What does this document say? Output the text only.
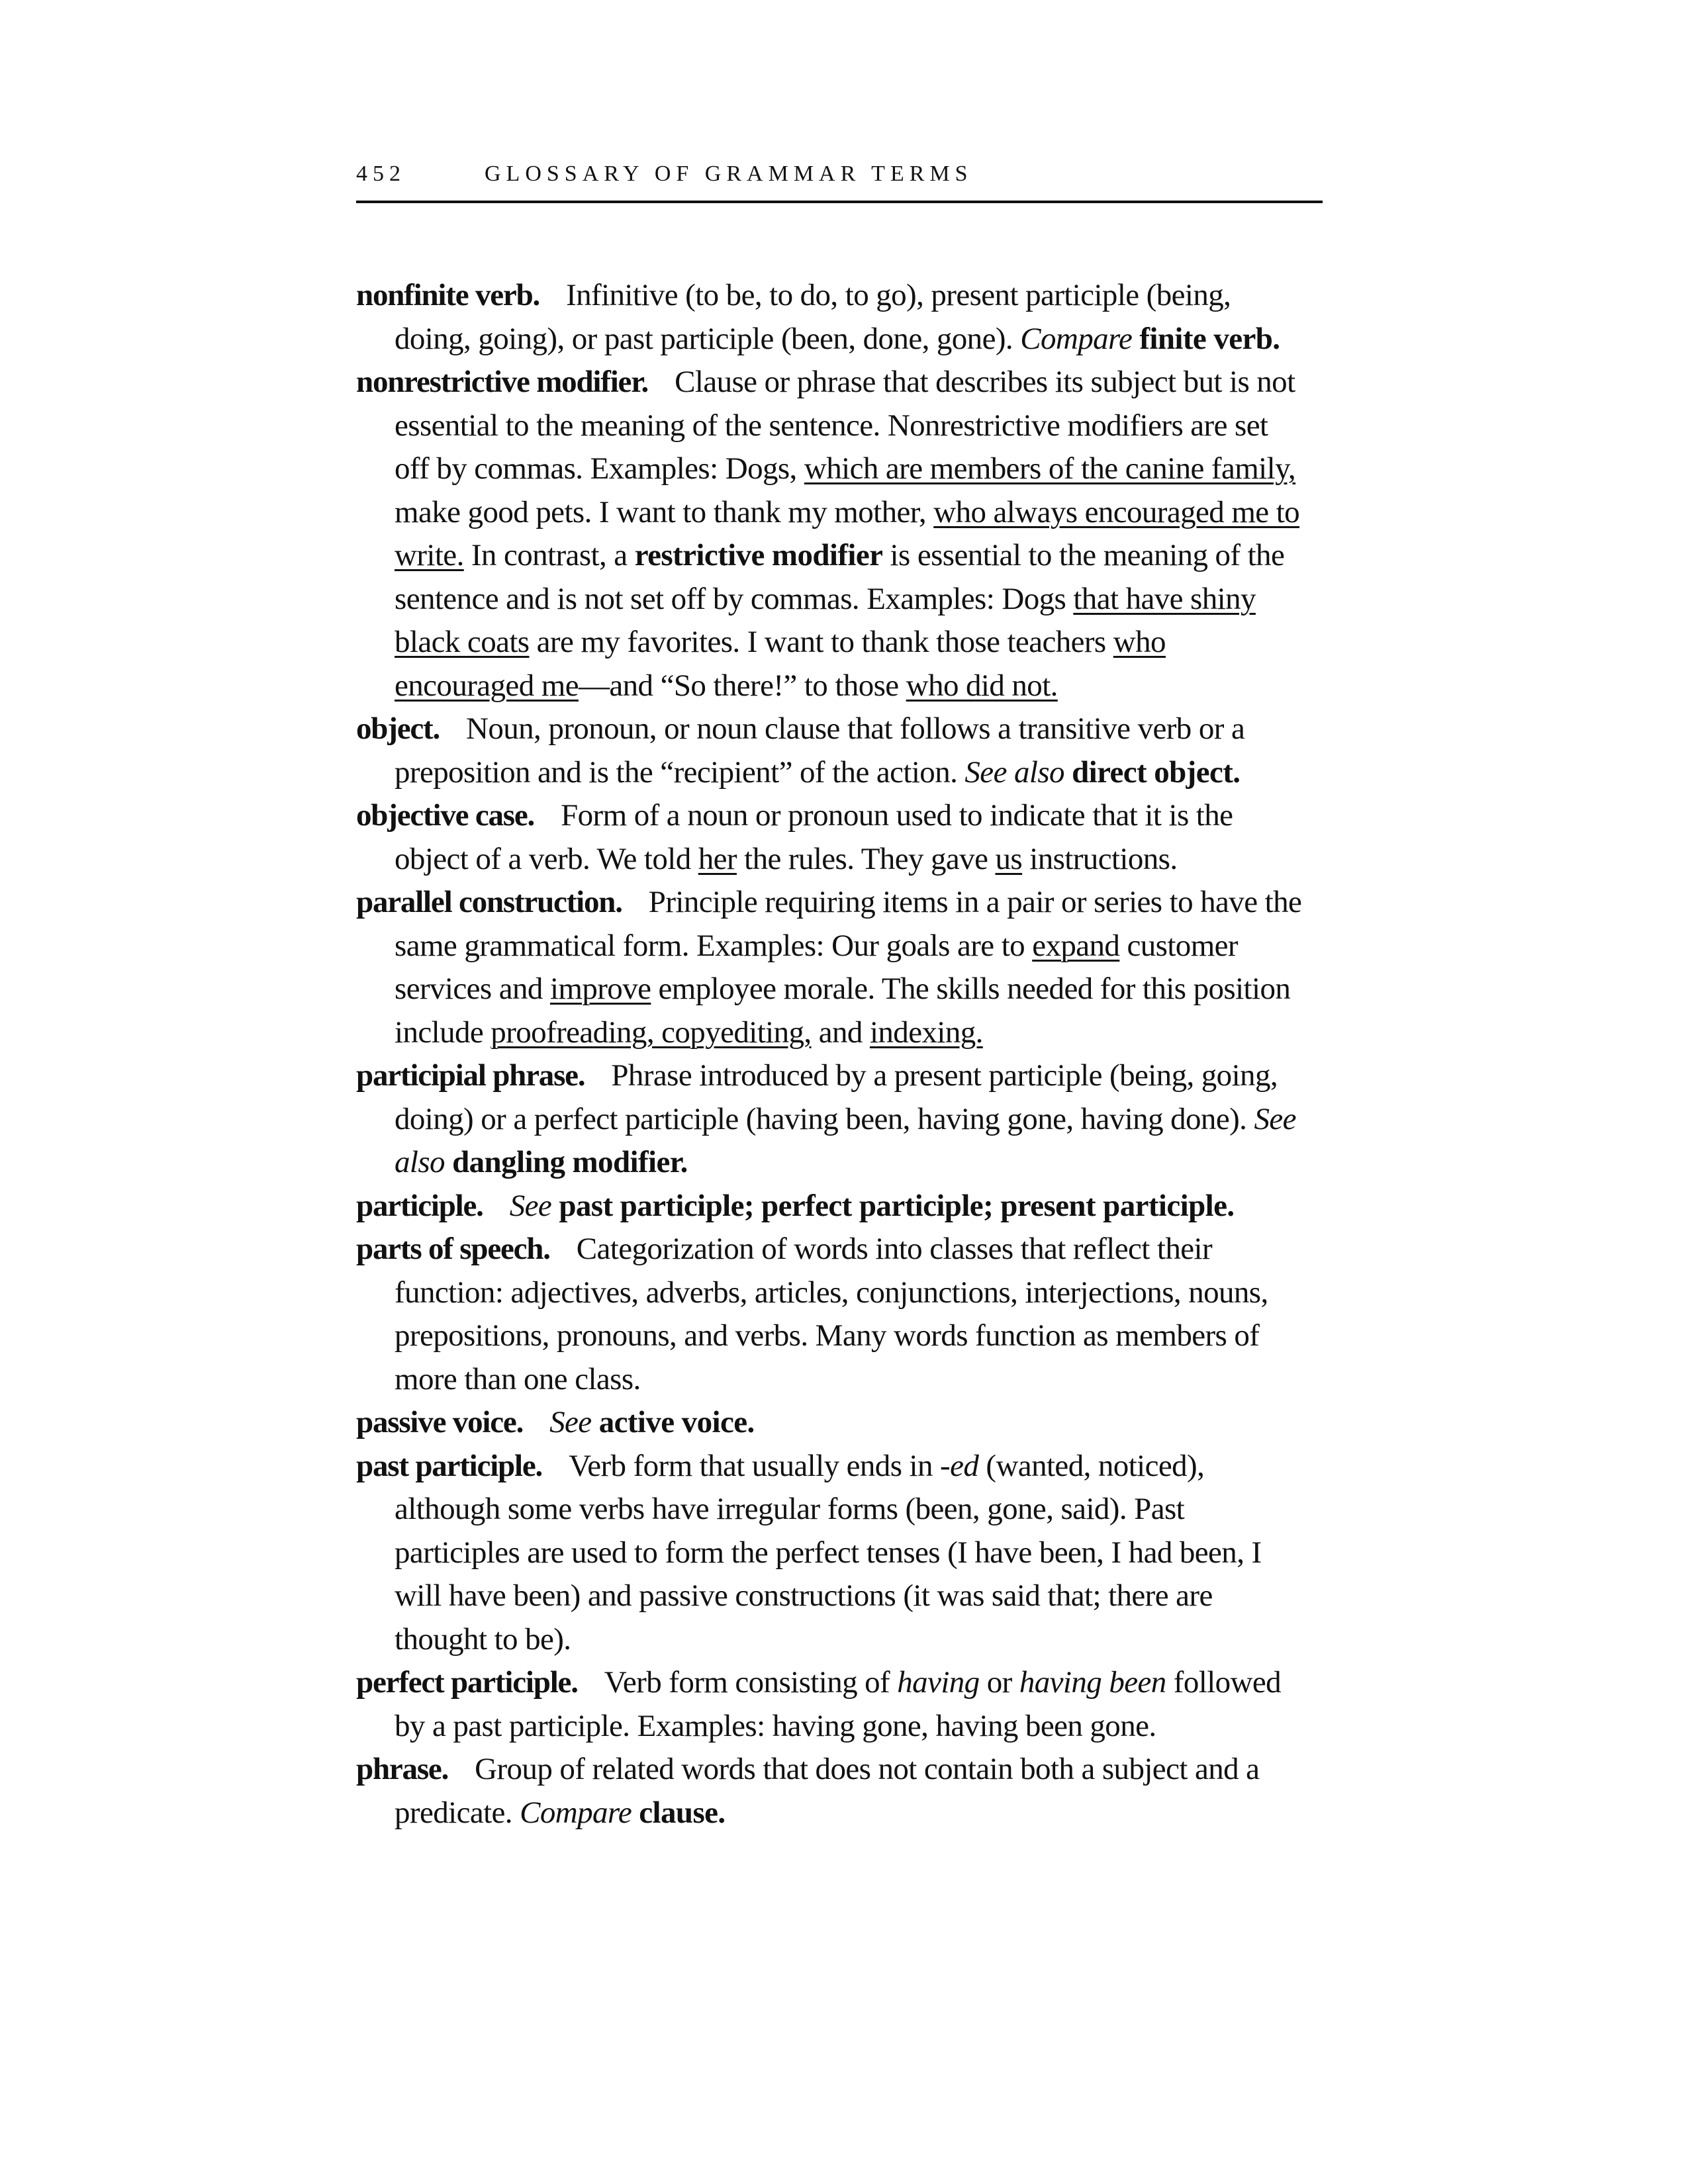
452	GLOSSARY OF GRAMMAR TERMS

nonfinite verb. Infinitive (to be, to do, to go), present participle (being, doing, going), or past participle (been, done, gone). Compare finite verb.

nonrestrictive modifier. Clause or phrase that describes its subject but is not essential to the meaning of the sentence. Nonrestrictive modifiers are set off by commas. Examples: Dogs, which are members of the canine family, make good pets. I want to thank my mother, who always encouraged me to write. In contrast, a restrictive modifier is essential to the meaning of the sentence and is not set off by commas. Examples: Dogs that have shiny black coats are my favorites. I want to thank those teachers who encouraged me—and “So there!” to those who did not.

object. Noun, pronoun, or noun clause that follows a transitive verb or a preposition and is the “recipient” of the action. See also direct object.

objective case. Form of a noun or pronoun used to indicate that it is the object of a verb. We told her the rules. They gave us instructions.

parallel construction. Principle requiring items in a pair or series to have the same grammatical form. Examples: Our goals are to expand customer services and improve employee morale. The skills needed for this position include proofreading, copyediting, and indexing.

participial phrase. Phrase introduced by a present participle (being, going, doing) or a perfect participle (having been, having gone, having done). See also dangling modifier.

participle. See past participle; perfect participle; present participle.

parts of speech. Categorization of words into classes that reflect their function: adjectives, adverbs, articles, conjunctions, interjections, nouns, prepositions, pronouns, and verbs. Many words function as members of more than one class.

passive voice. See active voice.

past participle. Verb form that usually ends in -ed (wanted, noticed), although some verbs have irregular forms (been, gone, said). Past participles are used to form the perfect tenses (I have been, I had been, I will have been) and passive constructions (it was said that; there are thought to be).

perfect participle. Verb form consisting of having or having been followed by a past participle. Examples: having gone, having been gone.

phrase. Group of related words that does not contain both a subject and a predicate. Compare clause.
